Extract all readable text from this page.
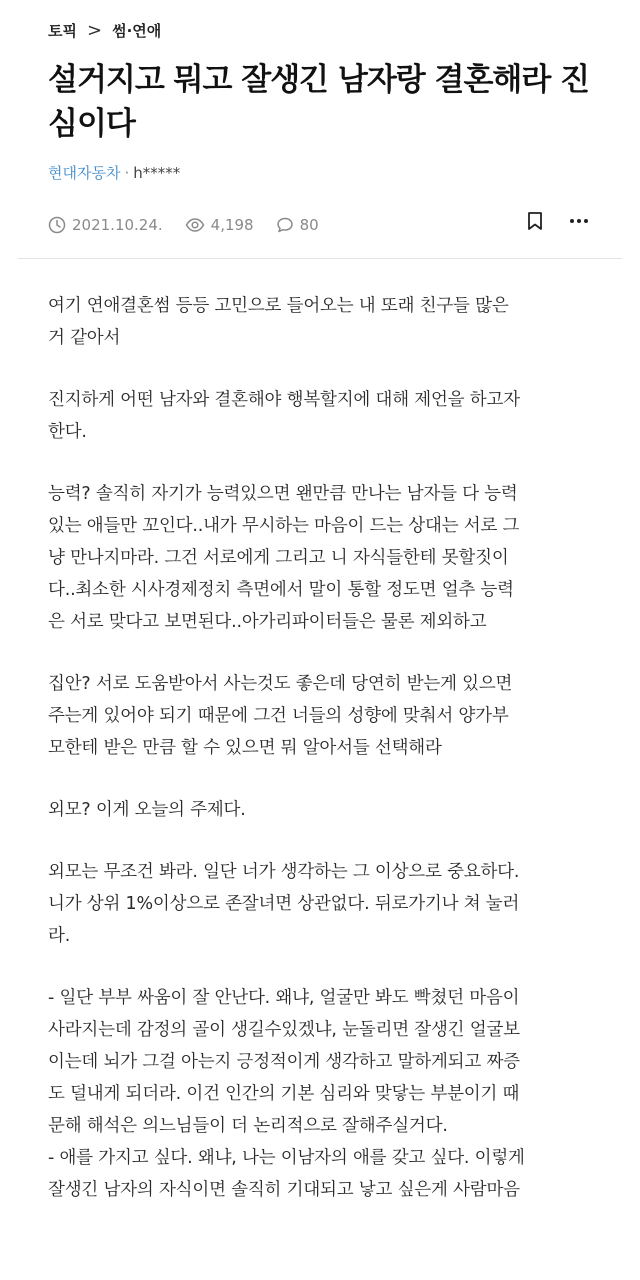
토픽 > 썸·연애
설거지고 뭐고 잘생긴 남자랑 결혼해라 진심이다
현대자동차 · h*****
2021.10.24.	4,198	80

여기 연애결혼썸 등등 고민으로 들어오는 내 또래 친구들 많은
거 같아서

진지하게 어떤 남자와 결혼해야 행복할지에 대해 제언을 하고자
한다.

능력? 솔직히 자기가 능력있으면 왠만큼 만나는 남자들 다 능력
있는 애들만 꼬인다..내가 무시하는 마음이 드는 상대는 서로 그
냥 만나지마라. 그건 서로에게 그리고 니 자식들한테 못할짓이
다..최소한 시사경제정치 측면에서 말이 통할 정도면 얼추 능력
은 서로 맞다고 보면된다..아가리파이터들은 물론 제외하고

집안? 서로 도움받아서 사는것도 좋은데 당연히 받는게 있으면
주는게 있어야 되기 때문에 그건 너들의 성향에 맞춰서 양가부
모한테 받은 만큼 할 수 있으면 뭐 알아서들 선택해라

외모? 이게 오늘의 주제다.

외모는 무조건 봐라. 일단 너가 생각하는 그 이상으로 중요하다.
니가 상위 1%이상으로 존잘녀면 상관없다. 뒤로가기나 쳐 눌러
라.

- 일단 부부 싸움이 잘 안난다. 왜냐, 얼굴만 봐도 빡쳤던 마음이
사라지는데 감정의 골이 생길수있겠냐, 눈돌리면 잘생긴 얼굴보
이는데 뇌가 그걸 아는지 긍정적이게 생각하고 말하게되고 짜증
도 덜내게 되더라. 이건 인간의 기본 심리와 맞닿는 부분이기 때
문해 해석은 의느님들이 더 논리적으로 잘해주실거다.

- 애를 가지고 싶다. 왜냐, 나는 이남자의 애를 갖고 싶다. 이렇게
잘생긴 남자의 자식이면 솔직히 기대되고 낳고 싶은게 사람마음
